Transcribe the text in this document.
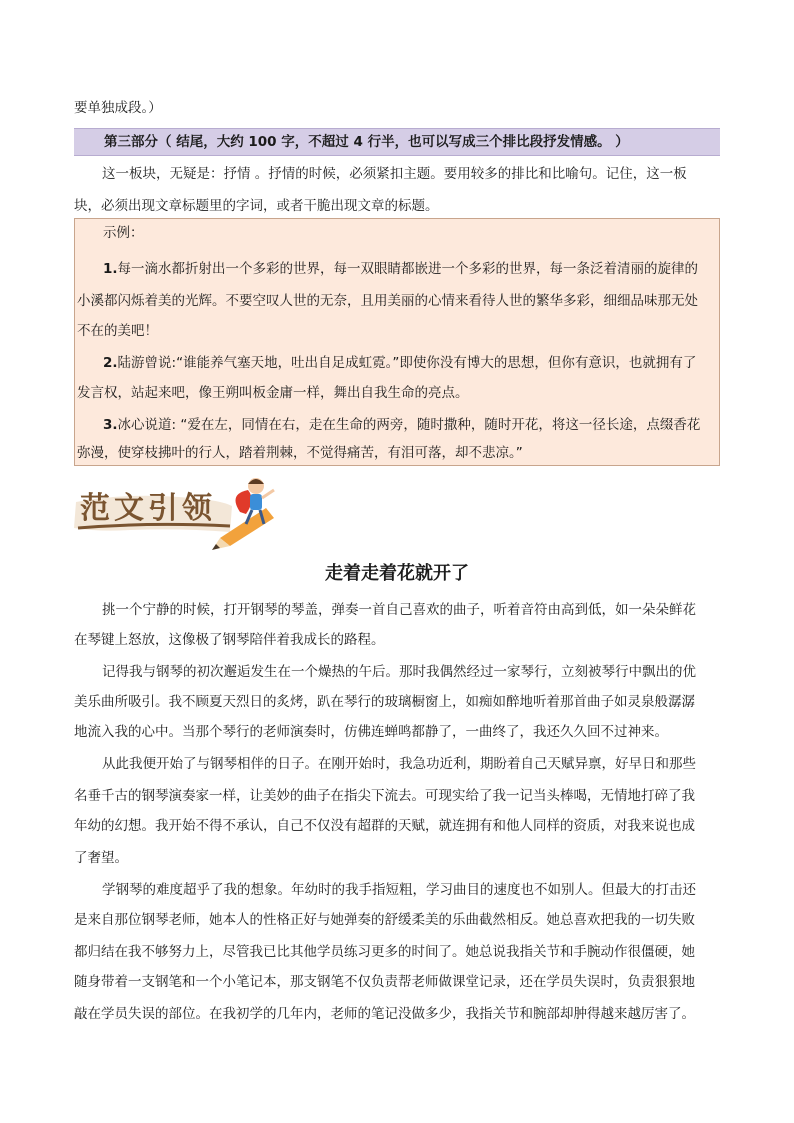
要单独成段。）
第三部分（ 结尾，大约 100 字，不超过 4 行半，也可以写成三个排比段抒发情感。 ）
这一板块，无疑是：抒情 。抒情的时候，必须紧扣主题。要用较多的排比和比喻句。记住，这一板
块，必须出现文章标题里的字词，或者干脆出现文章的标题。
示例：
1.每一滴水都折射出一个多彩的世界，每一双眼睛都嵌进一个多彩的世界，每一条泛着清丽的旋律的
小溪都闪烁着美的光辉。不要空叹人世的无奈，且用美丽的心情来看待人世的繁华多彩，细细品味那无处
不在的美吧！
2.陆游曾说:“谁能养气塞天地，吐出自足成虹霓。”即使你没有博大的思想，但你有意识，也就拥有了
发言权，站起来吧，像王朔叫板金庸一样，舞出自我生命的亮点。
3.冰心说道: “爱在左，同情在右，走在生命的两旁，随时撒种，随时开花，将这一径长途，点缀香花
弥漫，使穿枝拂叶的行人，踏着荆棘，不觉得痛苦，有泪可落，却不悲凉。”
范文引领
走着走着花就开了
挑一个宁静的时候，打开钢琴的琴盖，弹奏一首自己喜欢的曲子，听着音符由高到低，如一朵朵鲜花
在琴键上怒放，这像极了钢琴陪伴着我成长的路程。
记得我与钢琴的初次邂逅发生在一个燥热的午后。那时我偶然经过一家琴行，立刻被琴行中飘出的优
美乐曲所吸引。我不顾夏天烈日的炙烤，趴在琴行的玻璃橱窗上，如痴如醉地听着那首曲子如灵泉般潺潺
地流入我的心中。当那个琴行的老师演奏时，仿佛连蝉鸣都静了，一曲终了，我还久久回不过神来。
从此我便开始了与钢琴相伴的日子。在刚开始时，我急功近利，期盼着自己天赋异禀，好早日和那些
名垂千古的钢琴演奏家一样，让美妙的曲子在指尖下流去。可现实给了我一记当头棒喝，无情地打碎了我
年幼的幻想。我开始不得不承认，自己不仅没有超群的天赋，就连拥有和他人同样的资质，对我来说也成
了奢望。
学钢琴的难度超乎了我的想象。年幼时的我手指短粗，学习曲目的速度也不如别人。但最大的打击还
是来自那位钢琴老师，她本人的性格正好与她弹奏的舒缓柔美的乐曲截然相反。她总喜欢把我的一切失败
都归结在我不够努力上，尽管我已比其他学员练习更多的时间了。她总说我指关节和手腕动作很僵硬，她
随身带着一支钢笔和一个小笔记本，那支钢笔不仅负责帮老师做课堂记录，还在学员失误时，负责狠狠地
敲在学员失误的部位。在我初学的几年内，老师的笔记没做多少，我指关节和腕部却肿得越来越厉害了。
